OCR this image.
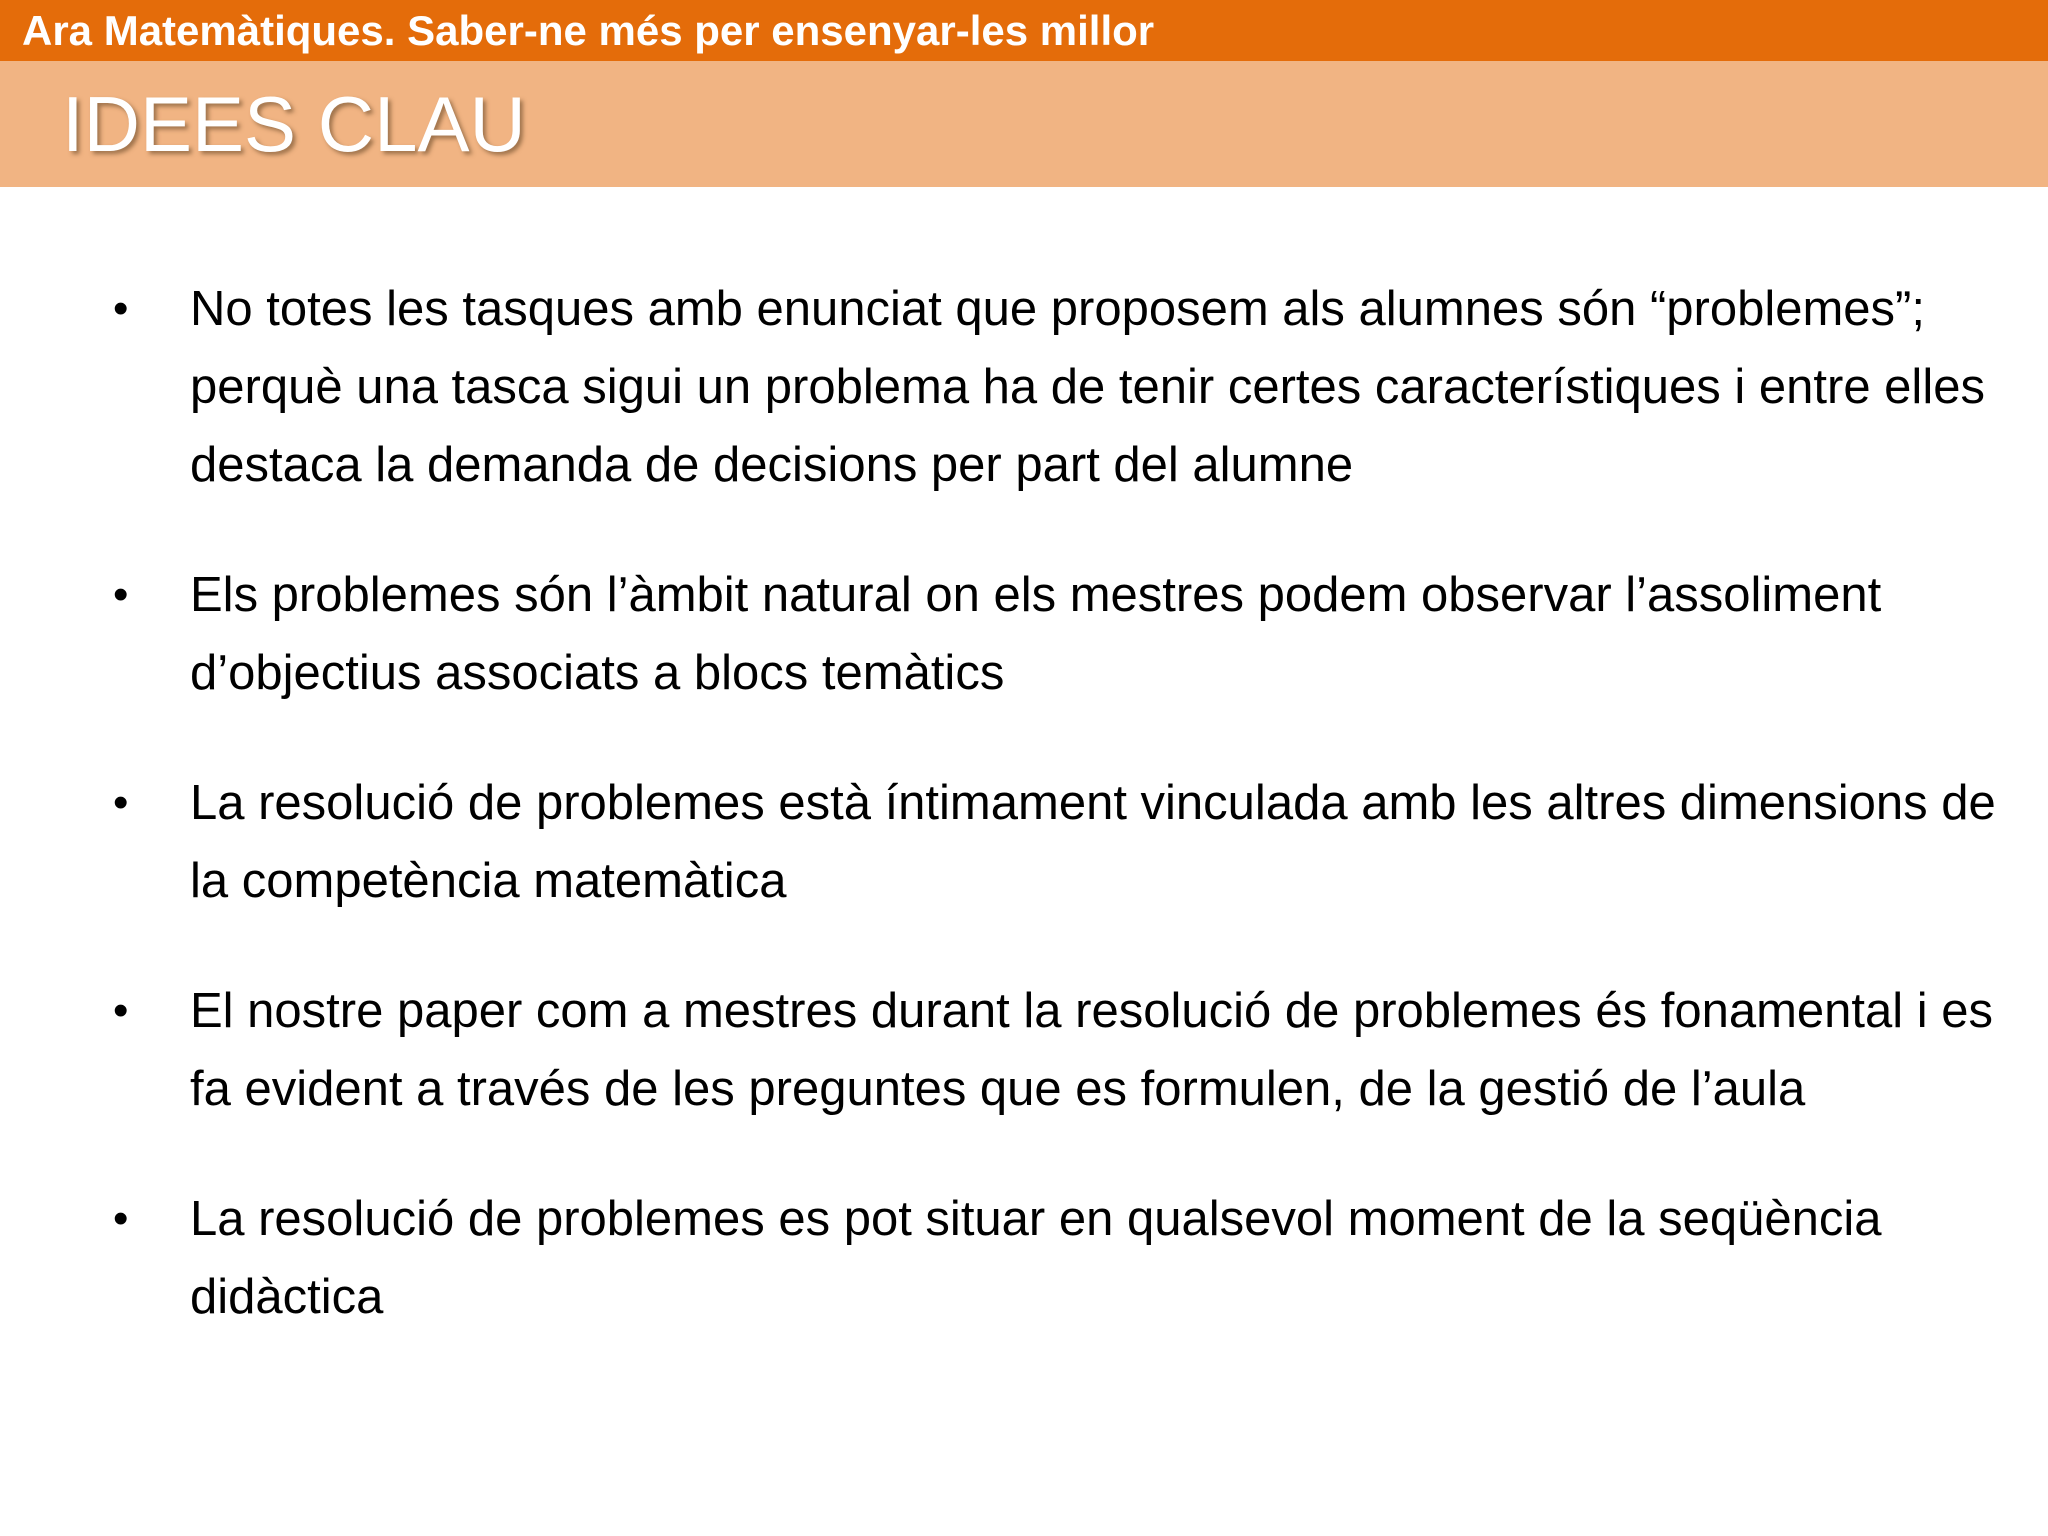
Ara Matemàtiques. Saber-ne més per ensenyar-les millor
IDEES CLAU
• No totes les tasques amb enunciat que proposem als alumnes són “problemes”; perquè una tasca sigui un problema ha de tenir certes característiques i entre elles destaca la demanda de decisions per part del alumne
• Els problemes són l’àmbit natural on els mestres podem observar l’assoliment d’objectius associats a blocs temàtics
• La resolució de problemes està íntimament vinculada amb les altres dimensions de la competència matemàtica
• El nostre paper com a mestres durant la resolució de problemes és fonamental i es fa evident a través de les preguntes que es formulen, de la gestió de l’aula
• La resolució de problemes es pot situar en qualsevol moment de la seqüència didàctica
